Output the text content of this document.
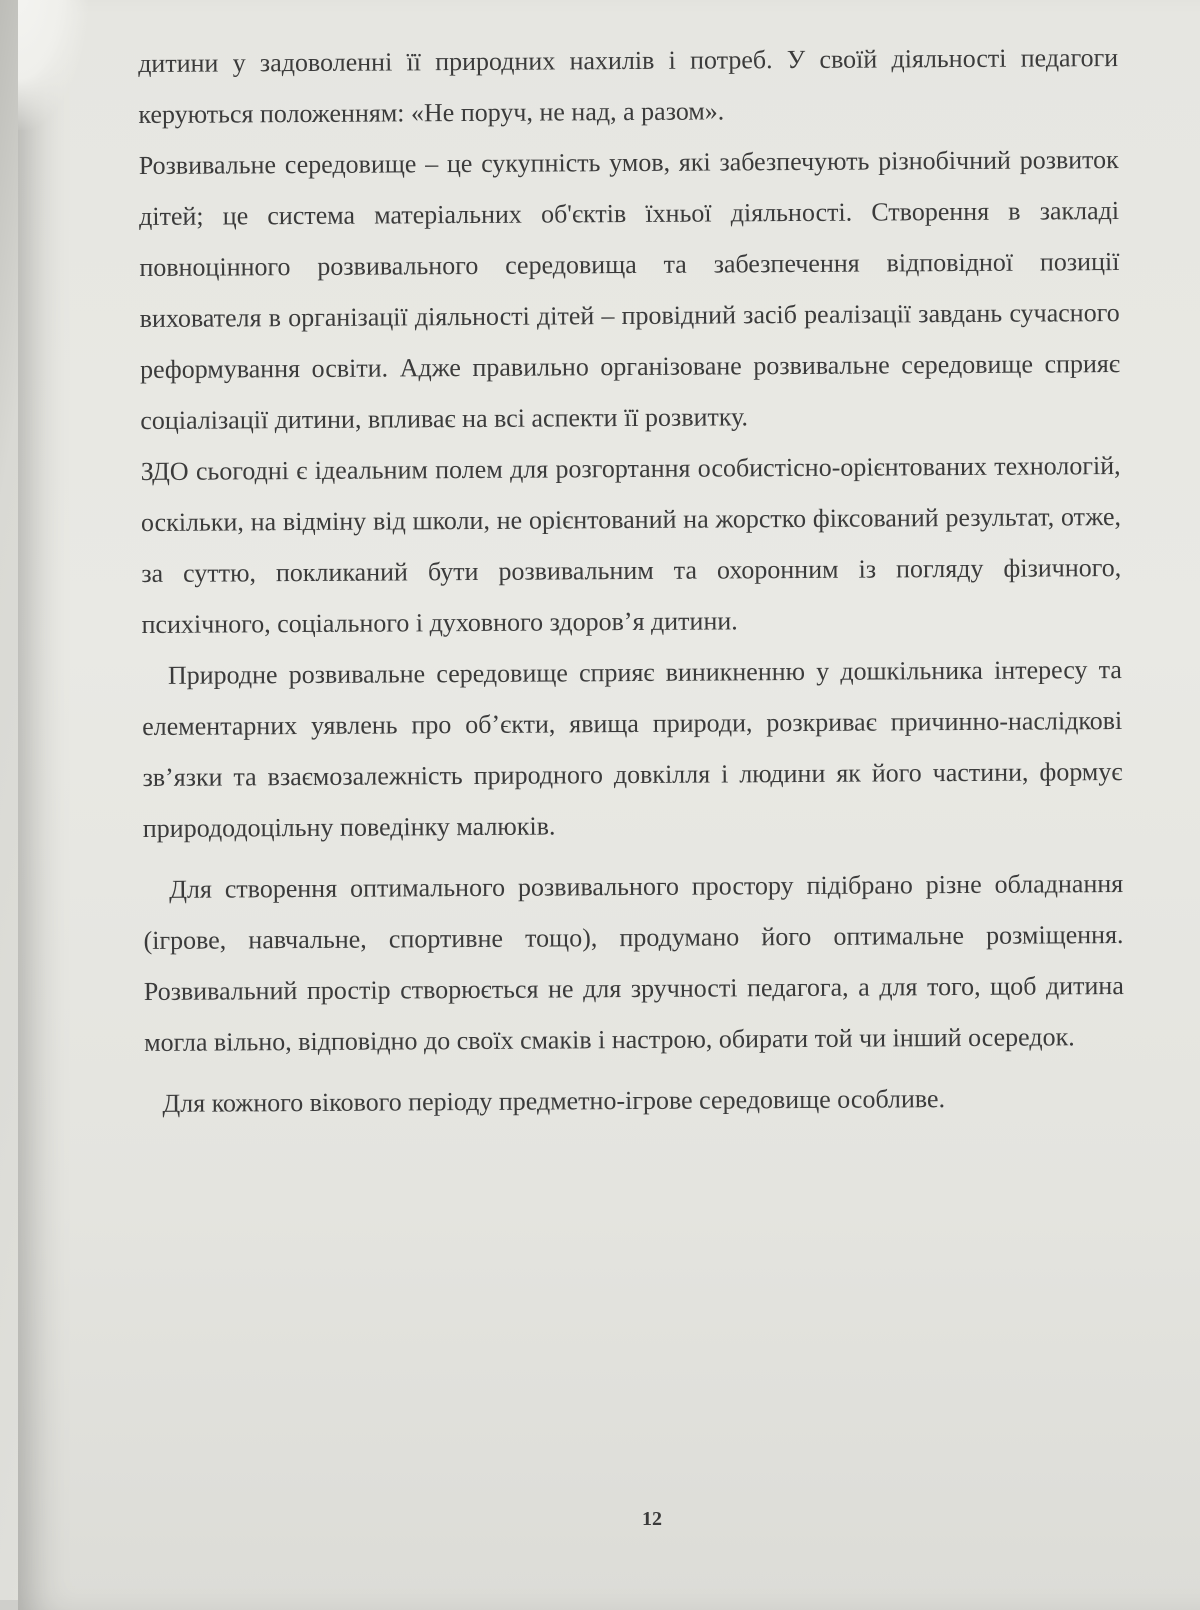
дитини у задоволенні її природних нахилів і потреб. У своїй діяльності педагоги керуються положенням: «Не поруч, не над, а разом».

Розвивальне середовище – це сукупність умов, які забезпечують різнобічний розвиток дітей; це система матеріальних об'єктів їхньої діяльності. Створення в закладі повноцінного розвивального середовища та забезпечення відповідної позиції вихователя в організації діяльності дітей – провідний засіб реалізації завдань сучасного реформування освіти. Адже правильно організоване розвивальне середовище сприяє соціалізації дитини, впливає на всі аспекти її розвитку.

ЗДО сьогодні є ідеальним полем для розгортання особистісно-орієнтованих технологій, оскільки, на відміну від школи, не орієнтований на жорстко фіксований результат, отже, за суттю, покликаний бути розвивальним та охоронним із погляду фізичного, психічного, соціального і духовного здоров’я дитини.

Природне розвивальне середовище сприяє виникненню у дошкільника інтересу та елементарних уявлень про об’єкти, явища природи, розкриває причинно-наслідкові зв’язки та взаємозалежність природного довкілля і людини як його частини, формує природодоцільну поведінку малюків.

Для створення оптимального розвивального простору підібрано різне обладнання (ігрове, навчальне, спортивне тощо), продумано його оптимальне розміщення. Розвивальний простір створюється не для зручності педагога, а для того, щоб дитина могла вільно, відповідно до своїх смаків і настрою, обирати той чи інший осередок.

Для кожного вікового періоду предметно-ігрове середовище особливе.

12
